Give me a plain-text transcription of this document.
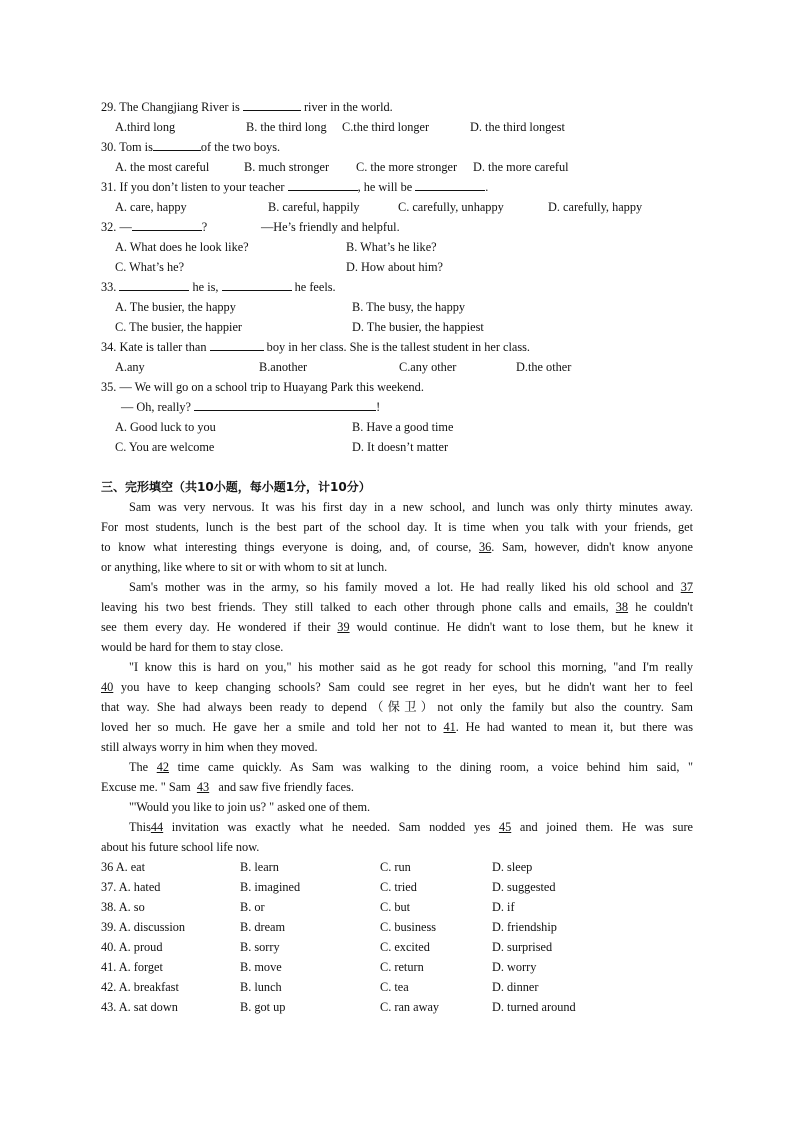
29. The Changjiang River is	river in the world.
A.third long	B. the third long C.the third longer	D. the third longest
30. Tom is	of the two boys.
A. the most careful	B. much stronger C. the more stronger D. the more careful
31. If you don’t listen to your teacher	, he will be	.
A. care, happy	B. careful, happily	C. carefully, unhappy	D. carefully, happy
32. —	?	—He’s friendly and helpful.
A. What does he look like?	B. What’s he like?
C. What’s he?	D. How about him?
33.	he is,	he feels.
A. The busier, the happy	B. The busy, the happy
C. The busier, the happier	D. The busier, the happiest
34. Kate is taller than	boy in her class. She is the tallest student in her class.
A.any	B.another	C.any other	D.the other
35. — We will go on a school trip to Huayang Park this weekend.
— Oh, really?	!
A. Good luck to you	B. Have a good time
C. You are welcome	D. It doesn’t matter
三、完形填空（共10小题，每小题1分，计10分）
Sam was very nervous. It was his first day in a new school, and lunch was only thirty minutes away.
For most students, lunch is the best part of the school day. It is time when you talk with your friends, get
to know what interesting things everyone is doing, and, of course, 36. Sam, however, didn't know anyone
or anything, like where to sit or with whom to sit at lunch.
Sam's mother was in the army, so his family moved a lot. He had really liked his old school and 37
leaving his two best friends. They still talked to each other through phone calls and emails, 38 he couldn't
see them every day. He wondered if their 39 would continue. He didn't want to lose them, but he knew it
would be hard for them to stay close.
"I know this is hard on you," his mother said as he got ready for school this morning, "and I'm really
40 you have to keep changing schools? Sam could see regret in her eyes, but he didn't want her to feel
that way. She had always been ready to depend（保卫）not only the family but also the country. Sam
loved her so much. He gave her a smile and told her not to 41. He had wanted to mean it, but there was
still always worry in him when they moved.
The 42 time came quickly. As Sam was walking to the dining room, a voice behind him said, "
Excuse me. " Sam 43 and saw five friendly faces.
"'Would you like to join us? " asked one of them.
This44 invitation was exactly what he needed. Sam nodded yes 45 and joined them. He was sure
about his future school life now.
36 A. eat	B. learn	C. run	D. sleep
37. A. hated	B. imagined	C. tried	D. suggested
38. A. so	B. or	C. but	D. if
39. A. discussion	B. dream	C. business	D. friendship
40. A. proud	B. sorry	C. excited	D. surprised
41. A. forget	B. move	C. return	D. worry
42. A. breakfast	B. lunch	C. tea	D. dinner
43. A. sat down	B. got up	C. ran away	D. turned around
